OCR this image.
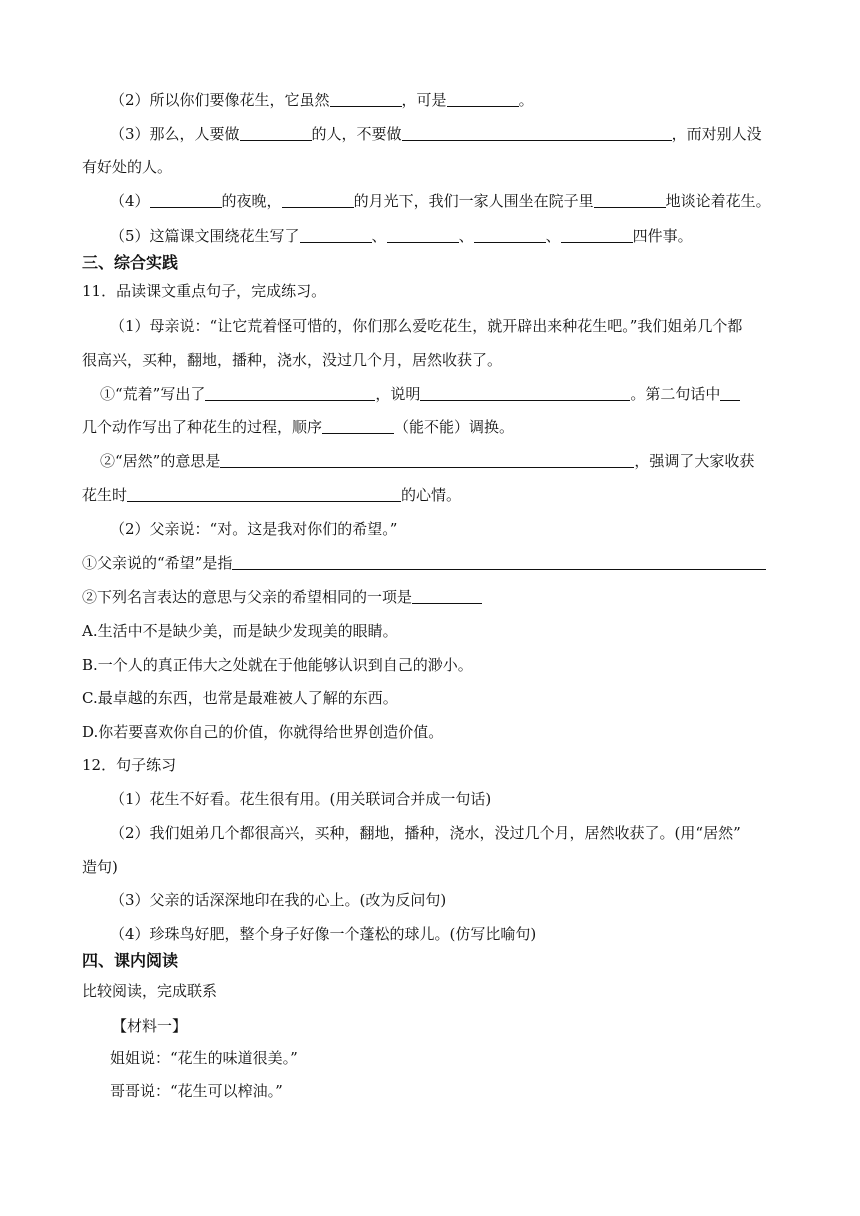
（2）所以你们要像花生，它虽然	，可是	。
（3）那么，人要做	的人，不要做	，而对别人没
有好处的人。
（4）	的夜晚，	的月光下，我们一家人围坐在院子里	地谈论着花生。
（5）这篇课文围绕花生写了	、	、	、	四件事。
三、综合实践
11．品读课文重点句子，完成练习。
（1）母亲说：“让它荒着怪可惜的，你们那么爱吃花生，就开辟出来种花生吧。”我们姐弟几个都
很高兴，买种，翻地，播种，浇水，没过几个月，居然收获了。
①“荒着”写出了	，说明	。第二句话中
几个动作写出了种花生的过程，顺序	（能不能）调换。
②“居然”的意思是	，强调了大家收获
花生时	的心情。
（2）父亲说：“对。这是我对你们的希望。”
①父亲说的“希望”是指
②下列名言表达的意思与父亲的希望相同的一项是
A.生活中不是缺少美，而是缺少发现美的眼睛。
B.一个人的真正伟大之处就在于他能够认识到自己的渺小。
C.最卓越的东西，也常是最难被人了解的东西。
D.你若要喜欢你自己的价值，你就得给世界创造价值。
12．句子练习
（1）花生不好看。花生很有用。(用关联词合并成一句话)
（2）我们姐弟几个都很高兴，买种，翻地，播种，浇水，没过几个月，居然收获了。(用“居然”
造句)
（3）父亲的话深深地印在我的心上。(改为反问句)
（4）珍珠鸟好肥，整个身子好像一个蓬松的球儿。(仿写比喻句)
四、课内阅读
比较阅读，完成联系
【材料一】
姐姐说：“花生的味道很美。”
哥哥说：“花生可以榨油。”
